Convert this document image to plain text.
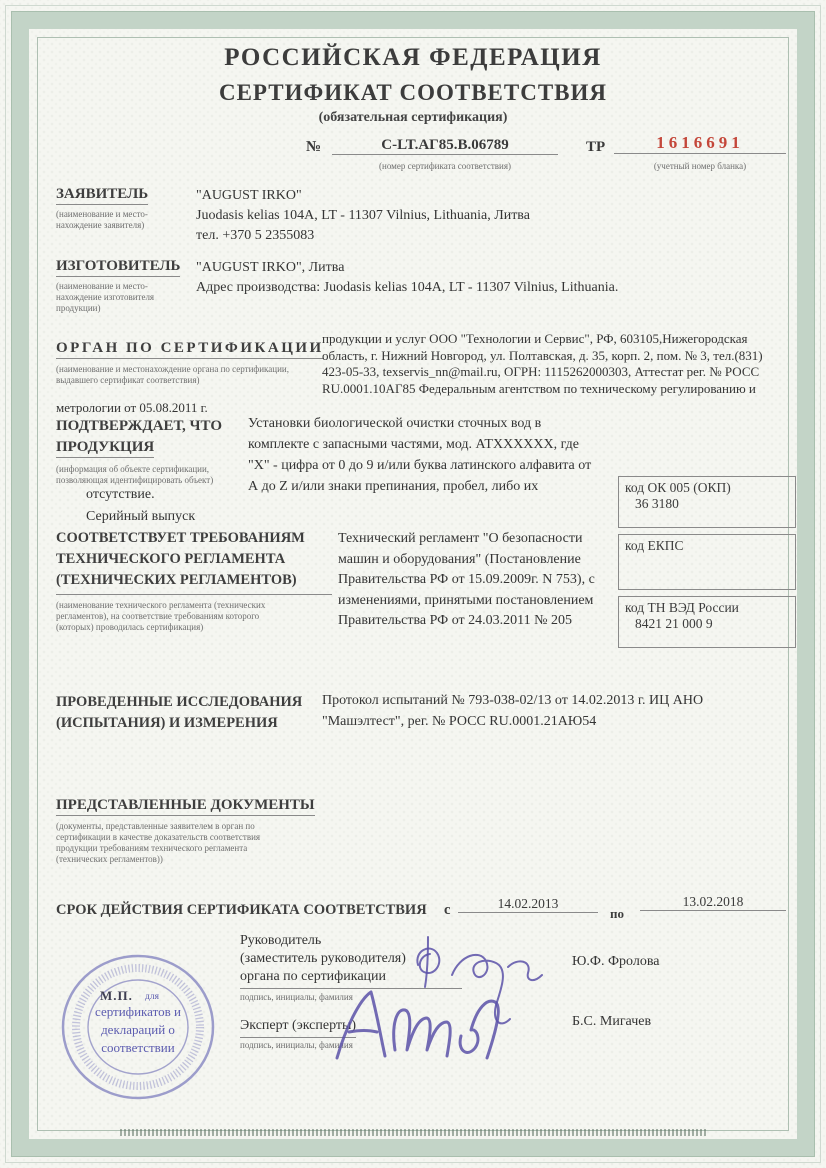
РОССИЙСКАЯ ФЕДЕРАЦИЯ
СЕРТИФИКАТ СООТВЕТСТВИЯ
(обязательная сертификация)
№	С-LT.АГ85.В.06789
(номер сертификата соответствия)
ТР	1616691
(учетный номер бланка)
ЗАЯВИТЕЛЬ
(наименование и место-
нахождение заявителя)
"AUGUST IRKO"
Juodasis kelias 104A, LT - 11307 Vilnius, Lithuania, Литва
тел. +370 5 2355083
ИЗГОТОВИТЕЛЬ
(наименование и место-
нахождение изготовителя
продукции)
"AUGUST IRKO", Литва
Адрес производства: Juodasis kelias 104A, LT - 11307 Vilnius, Lithuania.
ОРГАН ПО СЕРТИФИКАЦИИ
(наименование и местонахождение органа по сертификации,
выдавшего сертификат соответствия)
продукции и услуг ООО "Технологии и Сервис", РФ, 603105,Нижегородская
область, г. Нижний Новгород, ул. Полтавская, д. 35, корп. 2, пом. № 3, тел.(831)
423-05-33, texservis_nn@mail.ru, ОГРН: 1115262000303, Аттестат рег. № РОСС
RU.0001.10АГ85 Федеральным агентством по техническому регулированию и
метрологии от 05.08.2011 г.
ПОДТВЕРЖДАЕТ, ЧТО
ПРОДУКЦИЯ
(информация об объекте сертификации,
позволяющая идентифицировать объект)
Установки биологической очистки сточных вод в
комплекте с запасными частями, мод. АТХХХХХХ, где
"X" - цифра от 0 до 9 и/или буква латинского алфавита от
А до Z и/или знаки препинания, пробел, либо их
отсутствие.
Серийный выпуск
код ОК 005 (ОКП)
36 3180
код ЕКПС
код ТН ВЭД России
8421 21 000 9
СООТВЕТСТВУЕТ ТРЕБОВАНИЯМ
ТЕХНИЧЕСКОГО РЕГЛАМЕНТА
(ТЕХНИЧЕСКИХ РЕГЛАМЕНТОВ)
(наименование технического регламента (технических
регламентов), на соответствие требованиям которого
(которых) проводилась сертификация)
Технический регламент "О безопасности
машин и оборудования" (Постановление
Правительства РФ от 15.09.2009г. N 753), с
изменениями, принятыми постановлением
Правительства РФ от 24.03.2011 № 205
ПРОВЕДЕННЫЕ ИССЛЕДОВАНИЯ
(ИСПЫТАНИЯ) И ИЗМЕРЕНИЯ
Протокол испытаний № 793-038-02/13 от 14.02.2013 г. ИЦ АНО
"Машэлтест", рег. № РОСС RU.0001.21АЮ54
ПРЕДСТАВЛЕННЫЕ ДОКУМЕНТЫ
(документы, представленные заявителем в орган по
сертификации в качестве доказательств соответствия
продукции требованиям технического регламента
(технических регламентов))
СРОК ДЕЙСТВИЯ СЕРТИФИКАТА СООТВЕТСТВИЯ с	14.02.2013
по
13.02.2018
Руководитель
(заместитель руководителя)
органа по сертификации
подпись, инициалы, фамилия
Ю.Ф. Фролова
Эксперт (эксперты)
подпись, инициалы, фамилия
Б.С. Мигачев
для
сертификатов и
деклараций о
соответствии
М.П.
